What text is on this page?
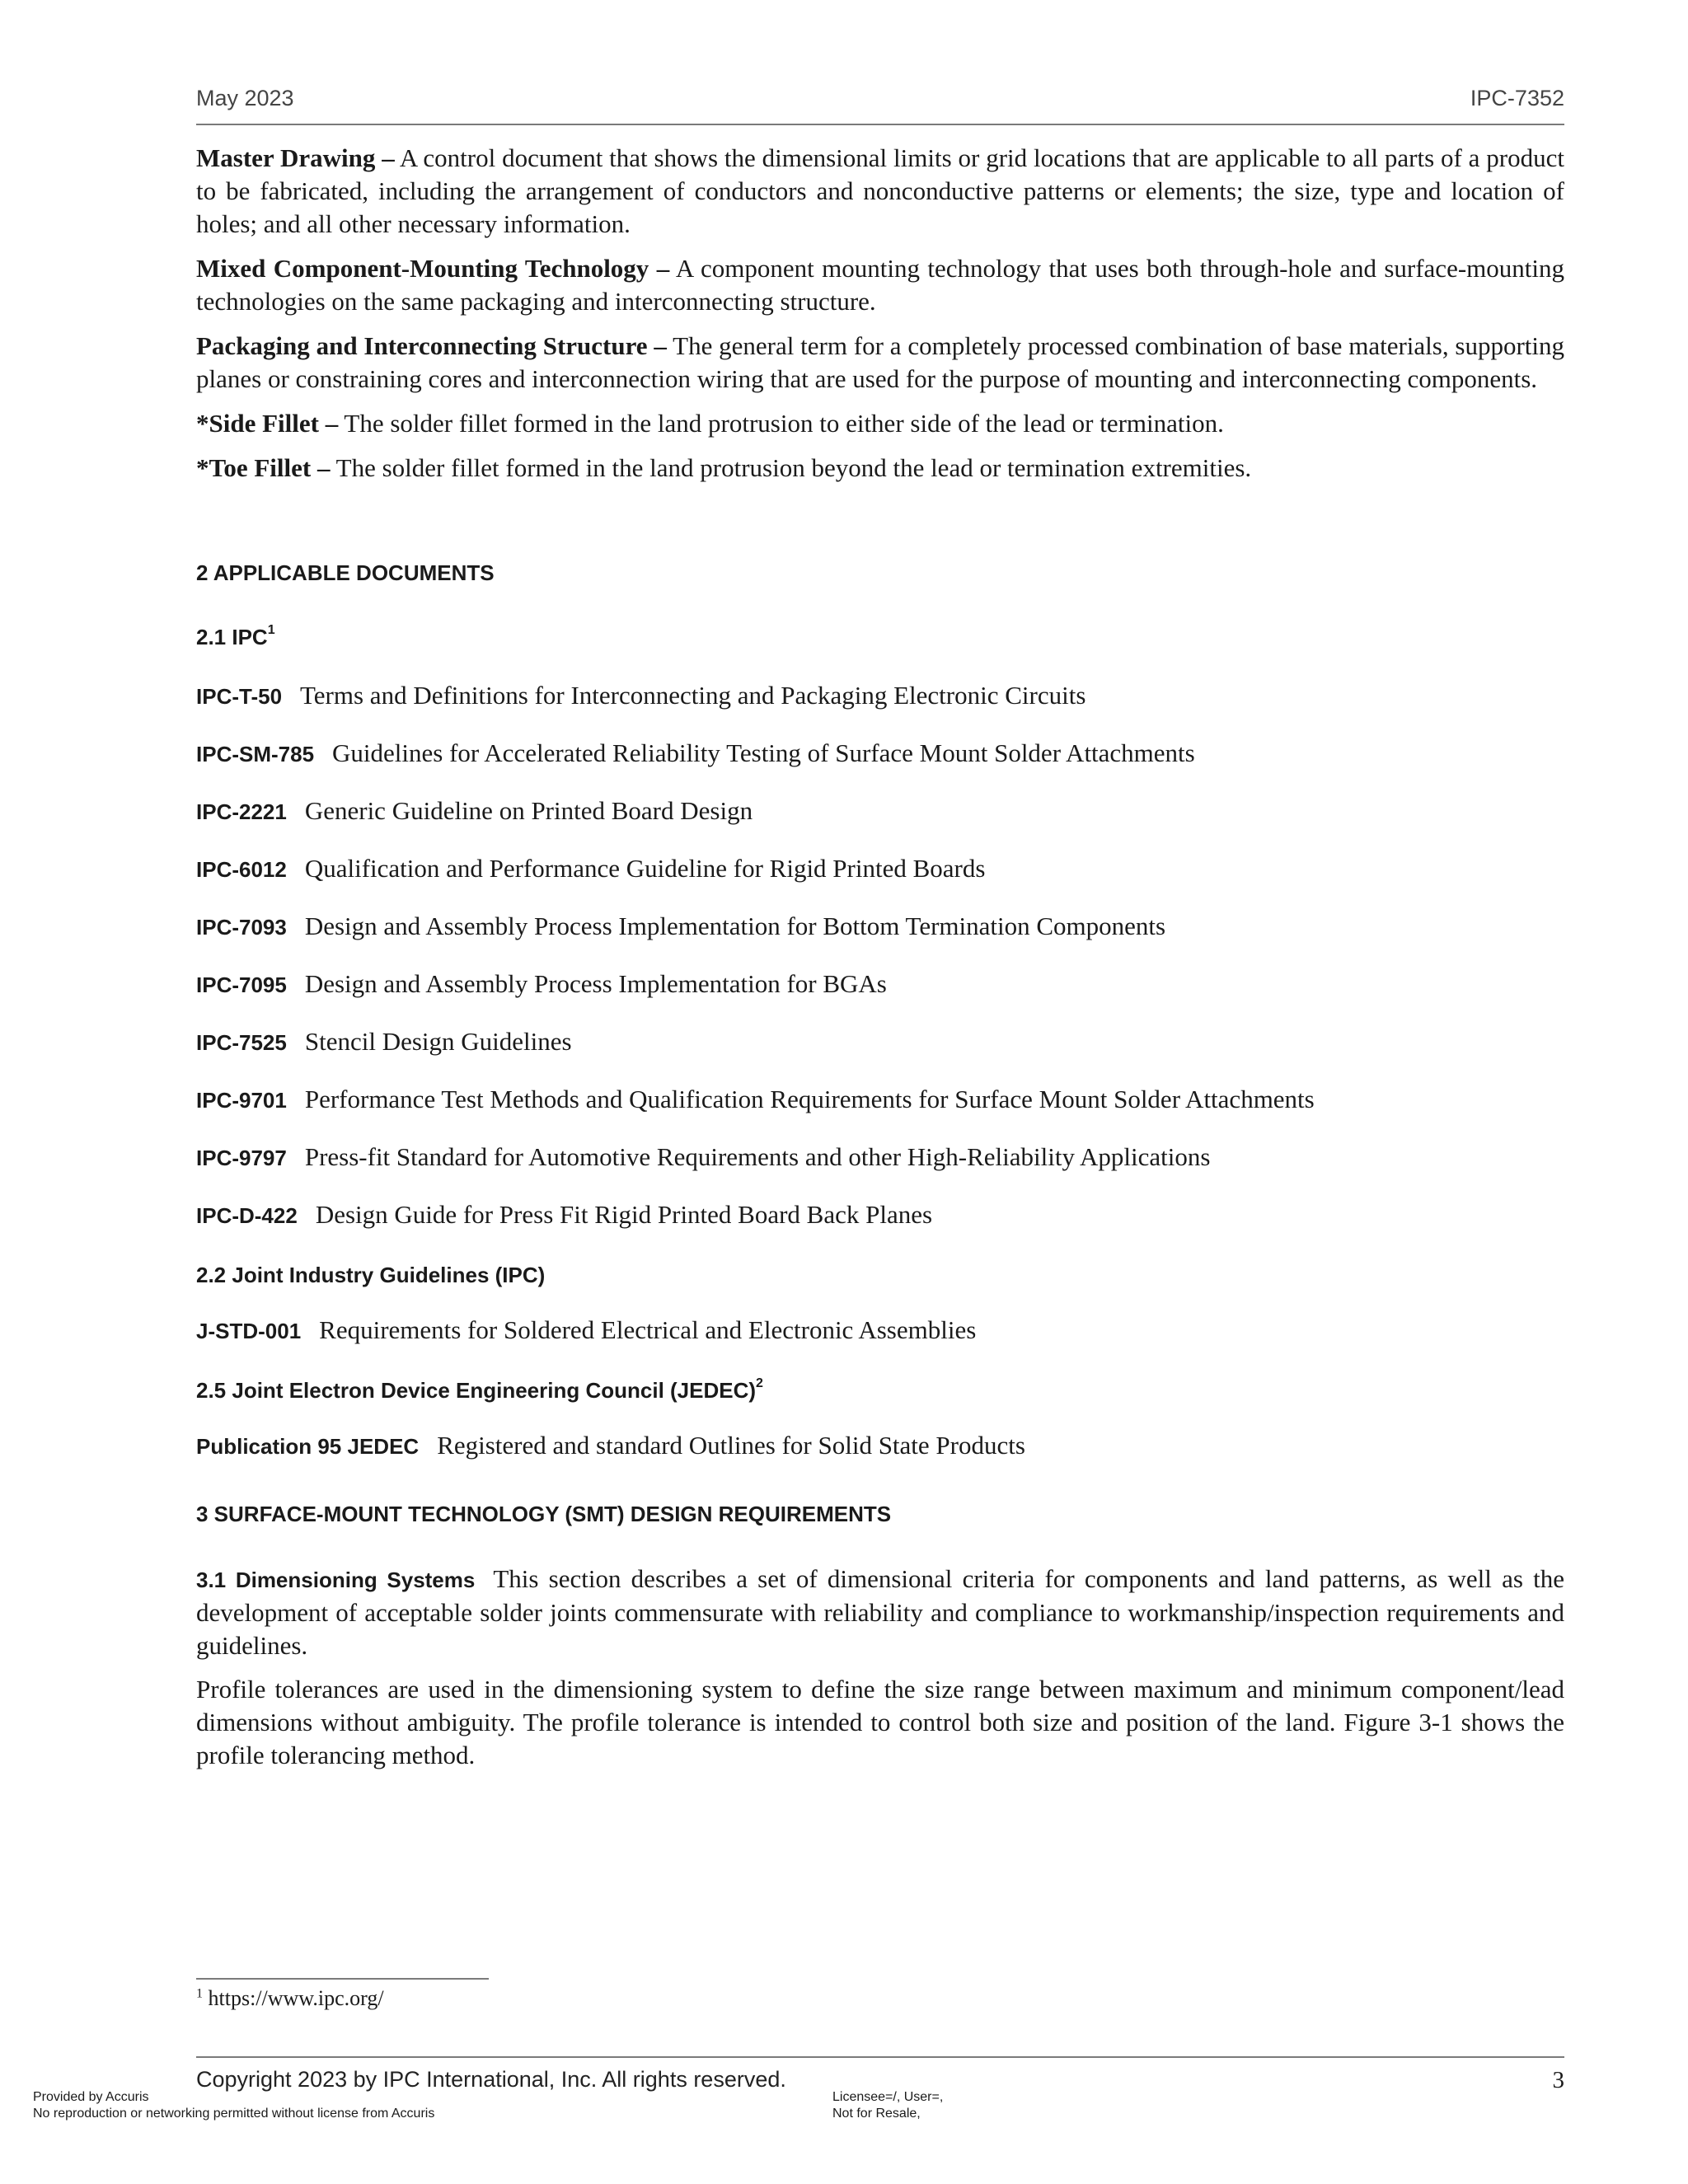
May 2023	IPC-7352

Master Drawing – A control document that shows the dimensional limits or grid locations that are applicable to all parts of a product to be fabricated, including the arrangement of conductors and nonconductive patterns or elements; the size, type and location of holes; and all other necessary information.

Mixed Component-Mounting Technology – A component mounting technology that uses both through-hole and surface-mounting technologies on the same packaging and interconnecting structure.

Packaging and Interconnecting Structure – The general term for a completely processed combination of base materials, supporting planes or constraining cores and interconnection wiring that are used for the purpose of mounting and interconnecting components.

*Side Fillet – The solder fillet formed in the land protrusion to either side of the lead or termination.

*Toe Fillet – The solder fillet formed in the land protrusion beyond the lead or termination extremities.

2 APPLICABLE DOCUMENTS
2.1 IPC$^1$
IPC-T-50 Terms and Definitions for Interconnecting and Packaging Electronic Circuits
IPC-SM-785 Guidelines for Accelerated Reliability Testing of Surface Mount Solder Attachments
IPC-2221 Generic Guideline on Printed Board Design
IPC-6012 Qualification and Performance Guideline for Rigid Printed Boards
IPC-7093 Design and Assembly Process Implementation for Bottom Termination Components
IPC-7095 Design and Assembly Process Implementation for BGAs
IPC-7525 Stencil Design Guidelines
IPC-9701 Performance Test Methods and Qualification Requirements for Surface Mount Solder Attachments
IPC-9797 Press-fit Standard for Automotive Requirements and other High-Reliability Applications
IPC-D-422 Design Guide for Press Fit Rigid Printed Board Back Planes
2.2 Joint Industry Guidelines (IPC)
J-STD-001 Requirements for Soldered Electrical and Electronic Assemblies
2.5 Joint Electron Device Engineering Council (JEDEC)$^2$
Publication 95 JEDEC Registered and standard Outlines for Solid State Products
3 SURFACE-MOUNT TECHNOLOGY (SMT) DESIGN REQUIREMENTS
3.1 Dimensioning Systems This section describes a set of dimensional criteria for components and land patterns, as well as the development of acceptable solder joints commensurate with reliability and compliance to workmanship/inspection requirements and guidelines.
Profile tolerances are used in the dimensioning system to define the size range between maximum and minimum component/lead dimensions without ambiguity. The profile tolerance is intended to control both size and position of the land. Figure 3-1 shows the profile tolerancing method.
$^1$ https://www.ipc.org/
Copyright 2023 by IPC International, Inc. All rights reserved.	3
Provided by Accuris
No reproduction or networking permitted without license from Accuris
Licensee=/, User=,
Not for Resale,
